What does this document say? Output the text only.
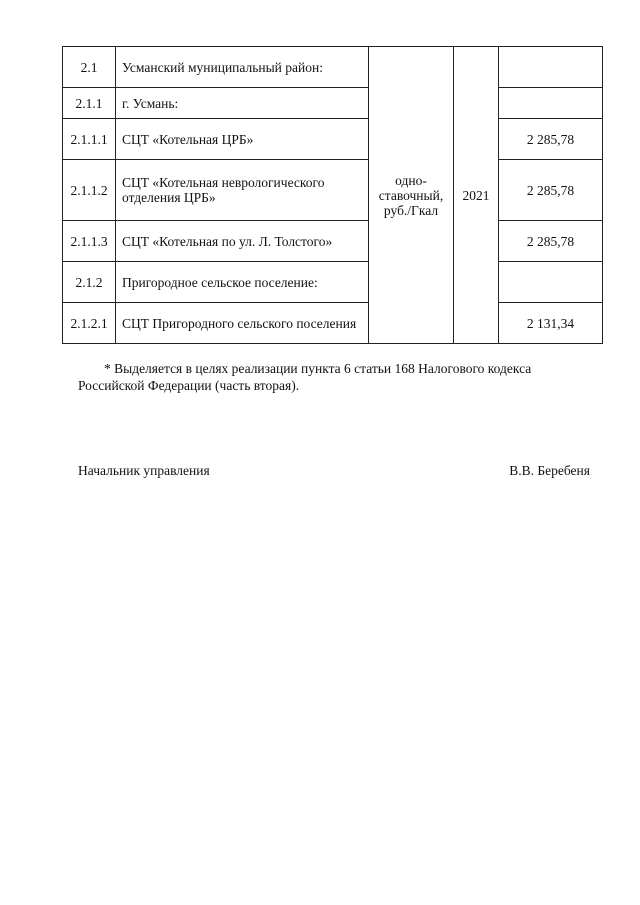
2.1	Усманский муниципальный район:	одно-ставочный, руб./Гкал	2021	
2.1.1	г. Усмань:			
2.1.1.1	СЦТ «Котельная ЦРБ»			2 285,78
2.1.1.2	СЦТ «Котельная неврологического отделения ЦРБ»			2 285,78
2.1.1.3	СЦТ «Котельная по ул. Л. Толстого»			2 285,78
2.1.2	Пригородное сельское поселение:			
2.1.2.1	СЦТ Пригородного сельского поселения			2 131,34

* Выделяется в целях реализации пункта 6 статьи 168 Налогового кодекса Российской Федерации (часть вторая).

Начальник управления	В.В. Беребеня
